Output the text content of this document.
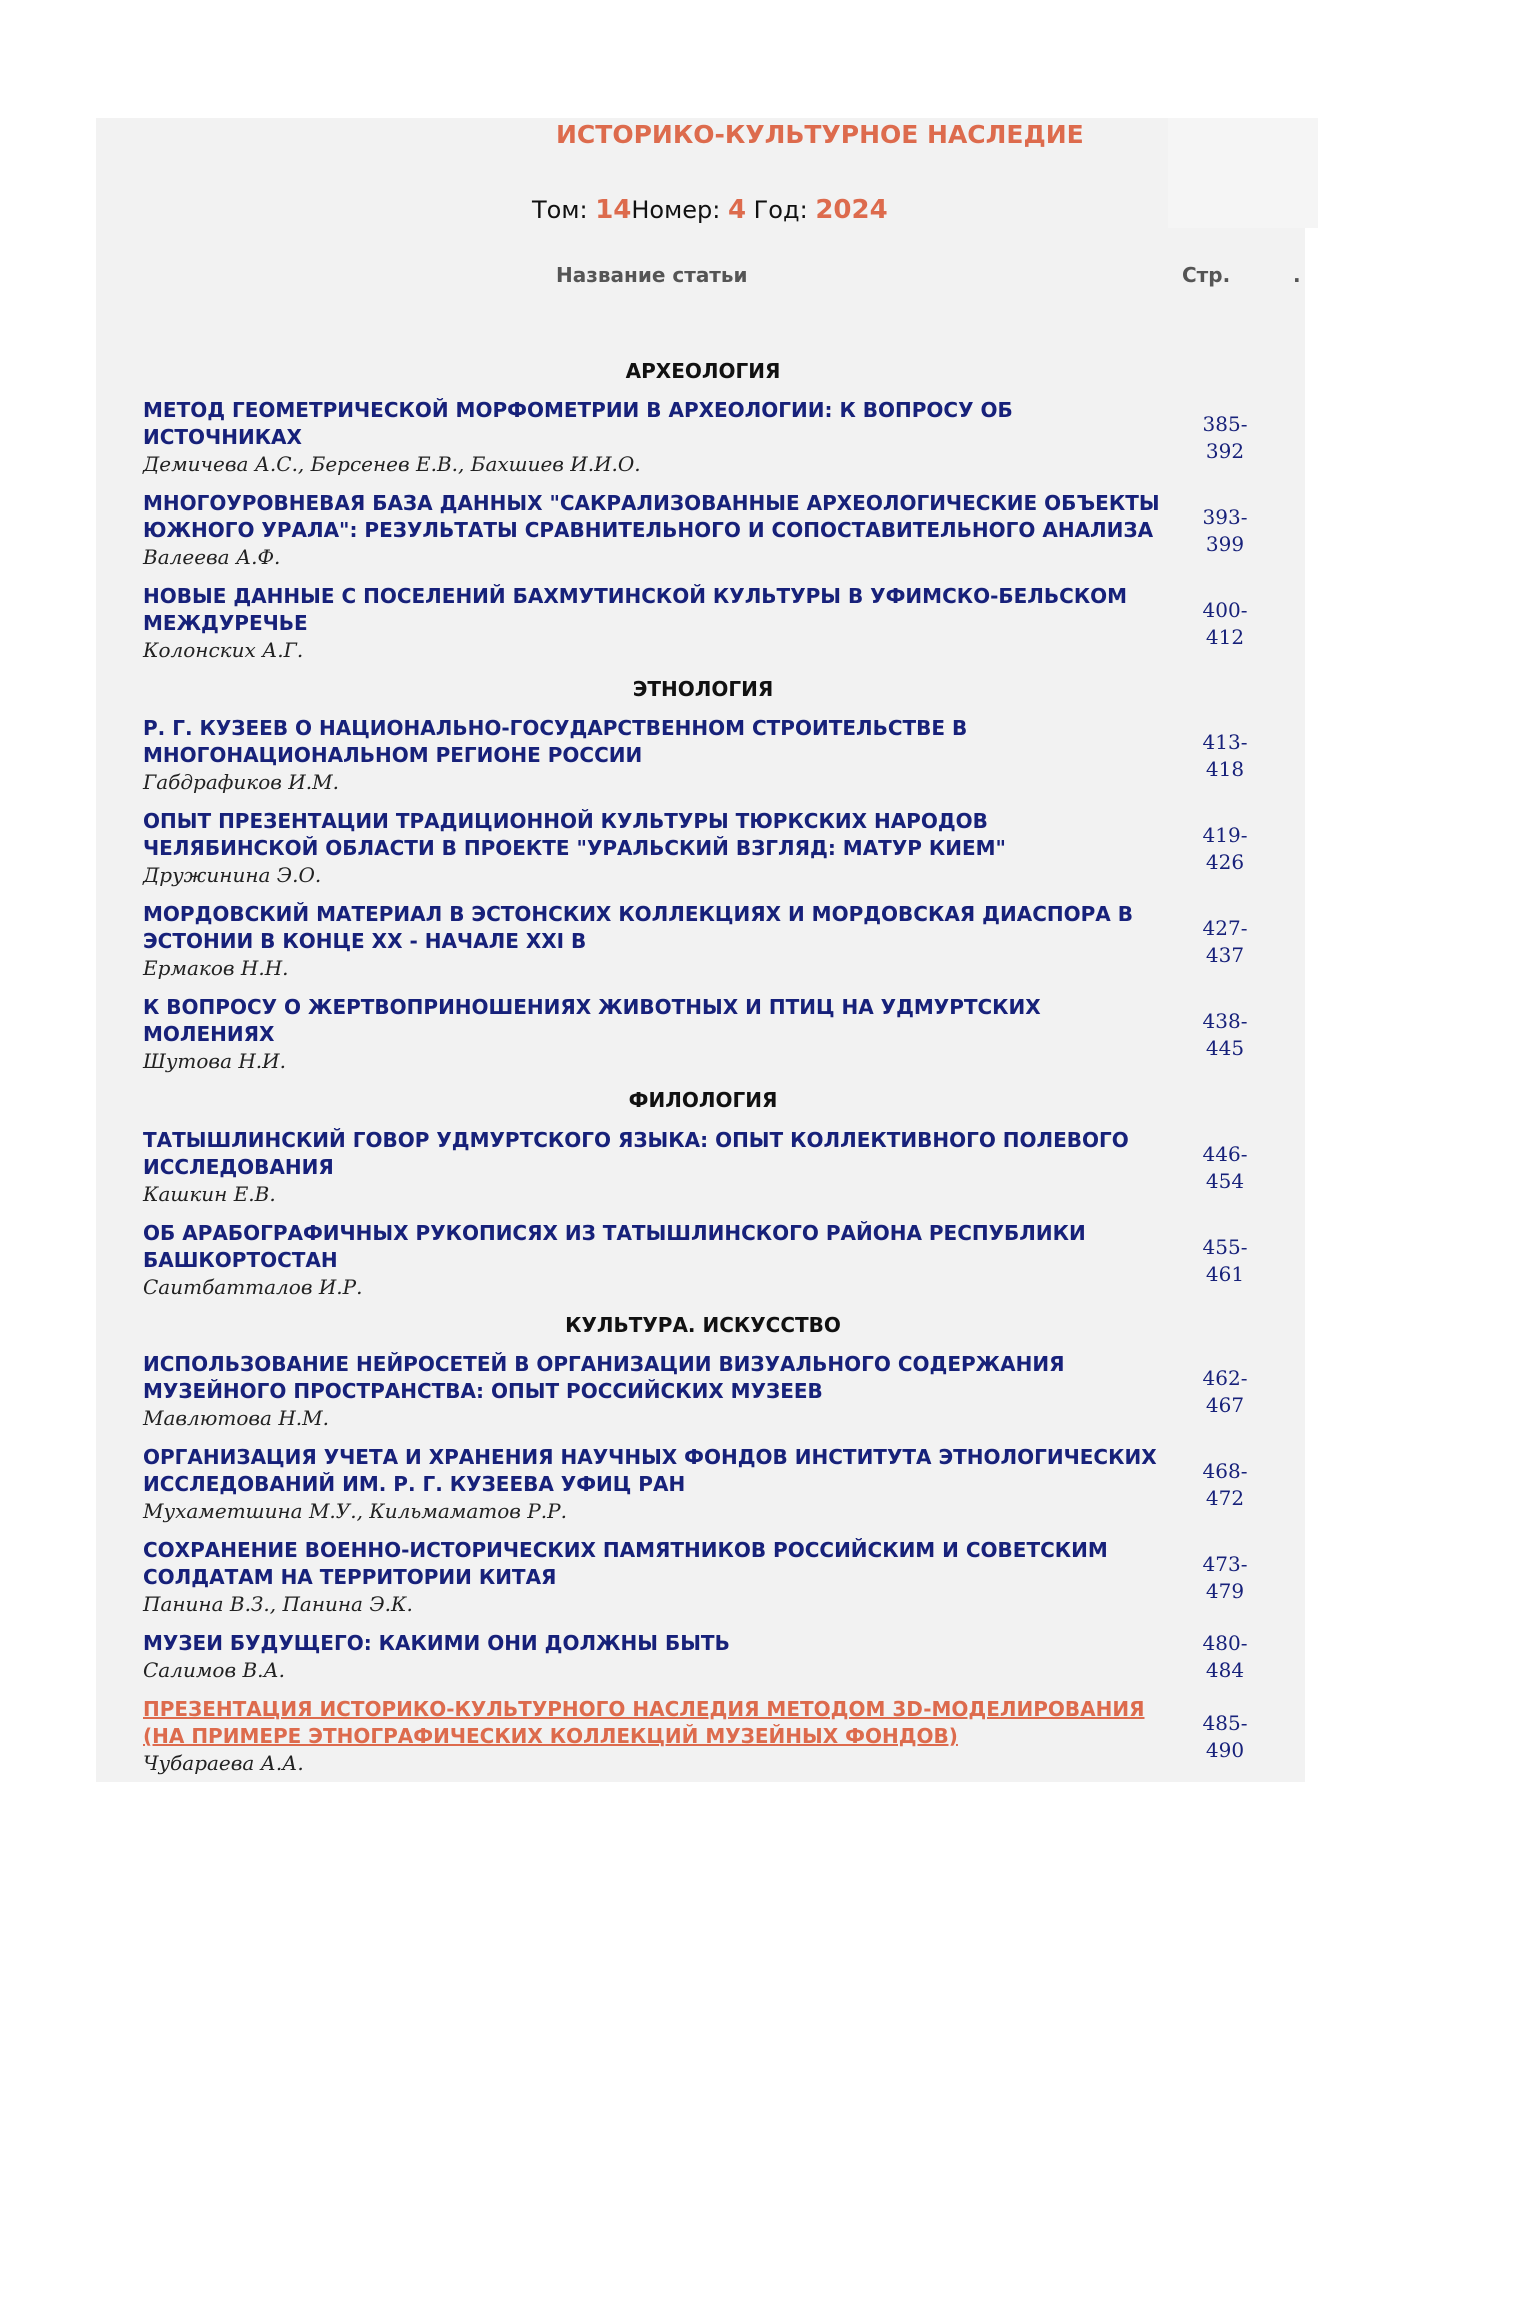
ИСТОРИКО-КУЛЬТУРНОЕ НАСЛЕДИЕ
Том: 14Номер: 4 Год: 2024
Название статьи	Стр.	.
АРХЕОЛОГИЯ
МЕТОД ГЕОМЕТРИЧЕСКОЙ МОРФОМЕТРИИ В АРХЕОЛОГИИ: К ВОПРОСУ ОБ
ИСТОЧНИКАХ
Демичева А.С., Берсенев Е.В., Бахшиев И.И.О.
385-
392
МНОГОУРОВНЕВАЯ БАЗА ДАННЫХ "САКРАЛИЗОВАННЫЕ АРХЕОЛОГИЧЕСКИЕ ОБЪЕКТЫ
ЮЖНОГО УРАЛА": РЕЗУЛЬТАТЫ СРАВНИТЕЛЬНОГО И СОПОСТАВИТЕЛЬНОГО АНАЛИЗА
Валеева А.Ф.
393-
399
НОВЫЕ ДАННЫЕ С ПОСЕЛЕНИЙ БАХМУТИНСКОЙ КУЛЬТУРЫ В УФИМСКО-БЕЛЬСКОМ
МЕЖДУРЕЧЬЕ
Колонских А.Г.
400-
412
ЭТНОЛОГИЯ
Р. Г. КУЗЕЕВ О НАЦИОНАЛЬНО-ГОСУДАРСТВЕННОМ СТРОИТЕЛЬСТВЕ В
МНОГОНАЦИОНАЛЬНОМ РЕГИОНЕ РОССИИ
Габдрафиков И.М.
413-
418
ОПЫТ ПРЕЗЕНТАЦИИ ТРАДИЦИОННОЙ КУЛЬТУРЫ ТЮРКСКИХ НАРОДОВ
ЧЕЛЯБИНСКОЙ ОБЛАСТИ В ПРОЕКТЕ "УРАЛЬСКИЙ ВЗГЛЯД: МАТУР КИЕМ"
Дружинина Э.О.
419-
426
МОРДОВСКИЙ МАТЕРИАЛ В ЭСТОНСКИХ КОЛЛЕКЦИЯХ И МОРДОВСКАЯ ДИАСПОРА В
ЭСТОНИИ В КОНЦЕ XX - НАЧАЛЕ XXI В
Ермаков Н.Н.
427-
437
К ВОПРОСУ О ЖЕРТВОПРИНОШЕНИЯХ ЖИВОТНЫХ И ПТИЦ НА УДМУРТСКИХ
МОЛЕНИЯХ
Шутова Н.И.
438-
445
ФИЛОЛОГИЯ
ТАТЫШЛИНСКИЙ ГОВОР УДМУРТСКОГО ЯЗЫКА: ОПЫТ КОЛЛЕКТИВНОГО ПОЛЕВОГО
ИССЛЕДОВАНИЯ
Кашкин Е.В.
446-
454
ОБ АРАБОГРАФИЧНЫХ РУКОПИСЯХ ИЗ ТАТЫШЛИНСКОГО РАЙОНА РЕСПУБЛИКИ
БАШКОРТОСТАН
Саитбатталов И.Р.
455-
461
КУЛЬТУРА. ИСКУССТВО
ИСПОЛЬЗОВАНИЕ НЕЙРОСЕТЕЙ В ОРГАНИЗАЦИИ ВИЗУАЛЬНОГО СОДЕРЖАНИЯ
МУЗЕЙНОГО ПРОСТРАНСТВА: ОПЫТ РОССИЙСКИХ МУЗЕЕВ
Мавлютова Н.М.
462-
467
ОРГАНИЗАЦИЯ УЧЕТА И ХРАНЕНИЯ НАУЧНЫХ ФОНДОВ ИНСТИТУТА ЭТНОЛОГИЧЕСКИХ
ИССЛЕДОВАНИЙ ИМ. Р. Г. КУЗЕЕВА УФИЦ РАН
Мухаметшина М.У., Кильмаматов Р.Р.
468-
472
СОХРАНЕНИЕ ВОЕННО-ИСТОРИЧЕСКИХ ПАМЯТНИКОВ РОССИЙСКИМ И СОВЕТСКИМ
СОЛДАТАМ НА ТЕРРИТОРИИ КИТАЯ
Панина В.З., Панина Э.К.
473-
479
МУЗЕИ БУДУЩЕГО: КАКИМИ ОНИ ДОЛЖНЫ БЫТЬ
Салимов В.А.
480-
484
ПРЕЗЕНТАЦИЯ ИСТОРИКО-КУЛЬТУРНОГО НАСЛЕДИЯ МЕТОДОМ 3D-МОДЕЛИРОВАНИЯ
(НА ПРИМЕРЕ ЭТНОГРАФИЧЕСКИХ КОЛЛЕКЦИЙ МУЗЕЙНЫХ ФОНДОВ)
Чубараева А.А.
485-
490
